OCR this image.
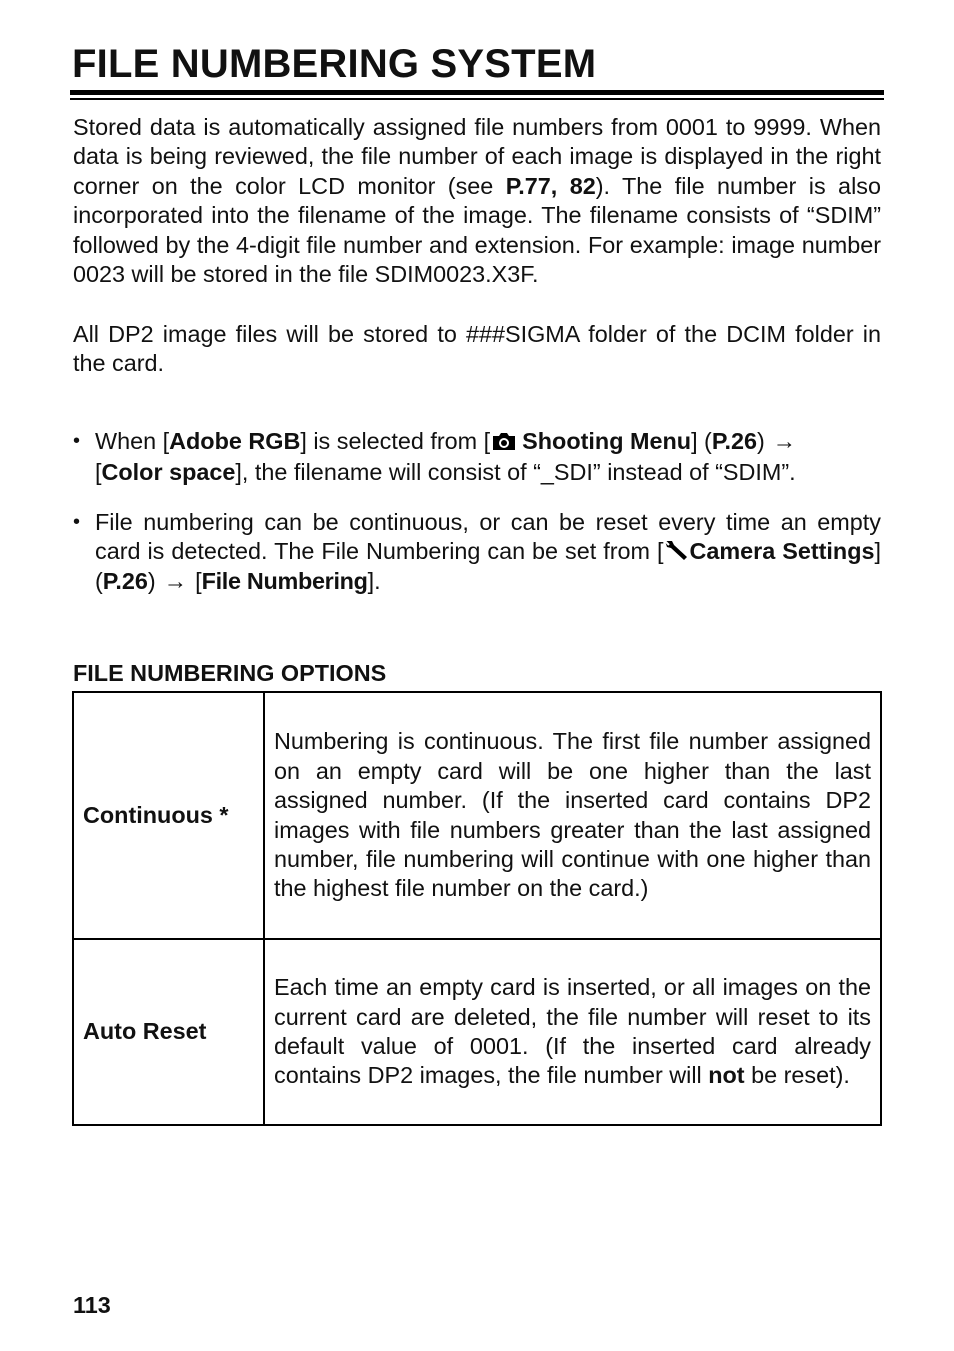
FILE NUMBERING SYSTEM

Stored data is automatically assigned file numbers from 0001 to 9999. When data is being reviewed, the file number of each image is displayed in the right corner on the color LCD monitor (see P.77, 82). The file number is also incorporated into the filename of the image. The filename consists of “SDIM” followed by the 4-digit file number and extension. For example: image number 0023 will be stored in the file SDIM0023.X3F.

All DP2 image files will be stored to ###SIGMA folder of the DCIM folder in the card.

• When [Adobe RGB] is selected from [ Shooting Menu] (P.26) →
[Color space], the filename will consist of “_SDI” instead of “SDIM”.
• File numbering can be continuous, or can be reset every time an empty card is detected. The File Numbering can be set from [ Camera Settings] (P.26) → [File Numbering].
FILE NUMBERING OPTIONS
Continuous *	Numbering is continuous. The first file number assigned on an empty card will be one higher than the last assigned number. (If the inserted card contains DP2 images with file numbers greater than the last assigned number, file numbering will continue with one higher than the highest file number on the card.)
Auto Reset	Each time an empty card is inserted, or all images on the current card are deleted, the file number will reset to its default value of 0001. (If the inserted card already contains DP2 images, the file number will not be reset).
113
